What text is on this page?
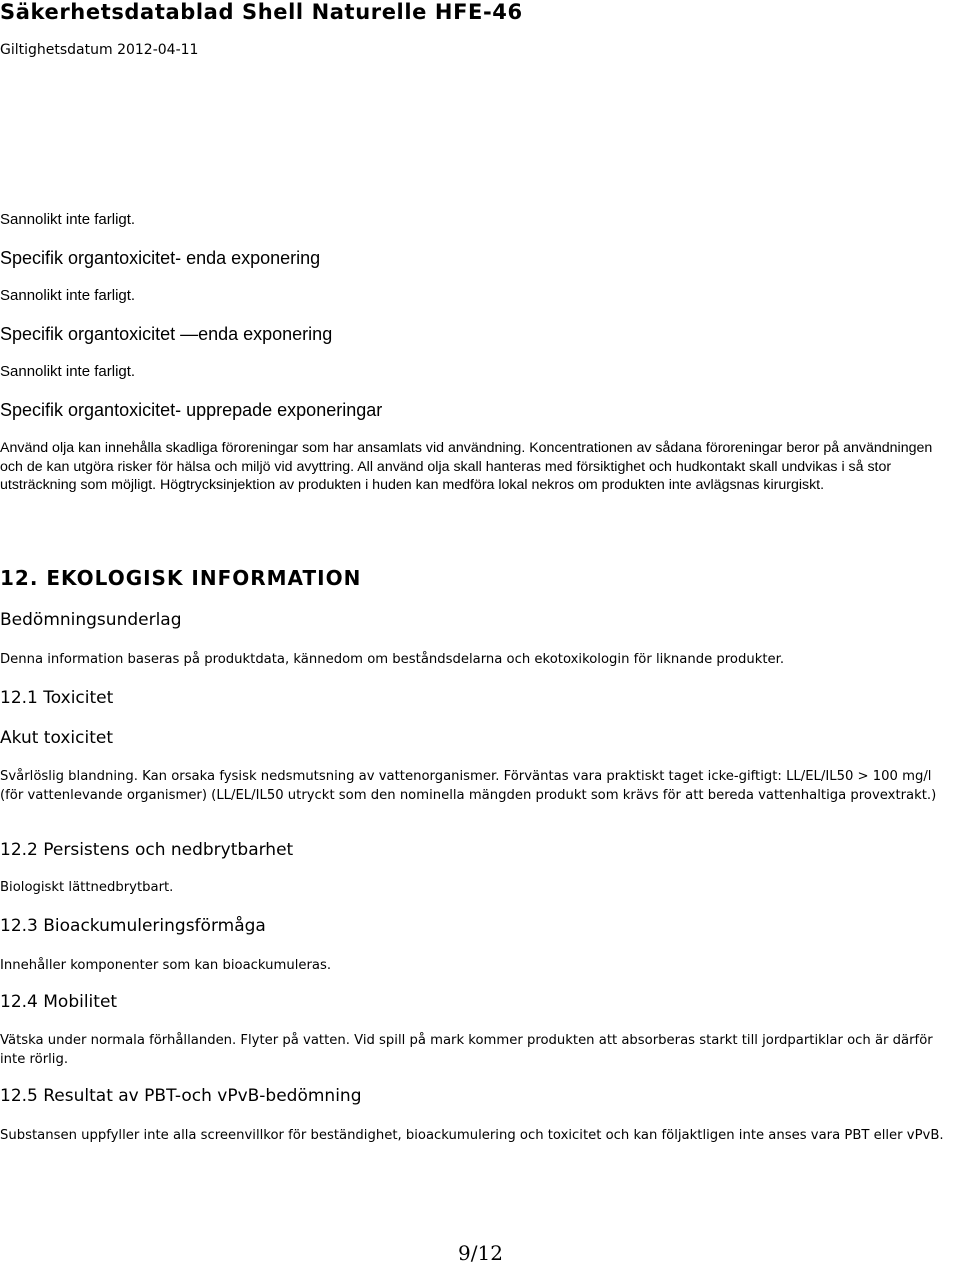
Säkerhetsdatablad Shell Naturelle HFE-46
Giltighetsdatum 2012-04-11
Sannolikt inte farligt.
Specifik organtoxicitet- enda exponering
Sannolikt inte farligt.
Specifik organtoxicitet —enda exponering
Sannolikt inte farligt.
Specifik organtoxicitet- upprepade exponeringar
Använd olja kan innehålla skadliga föroreningar som har ansamlats vid användning. Koncentrationen av sådana föroreningar beror på användningen och de kan utgöra risker för hälsa och miljö vid avyttring. All använd olja skall hanteras med försiktighet och hudkontakt skall undvikas i så stor utsträckning som möjligt. Högtrycksinjektion av produkten i huden kan medföra lokal nekros om produkten inte avlägsnas kirurgiskt.
12. EKOLOGISK INFORMATION
Bedömningsunderlag
Denna information baseras på produktdata, kännedom om beståndsdelarna och ekotoxikologin för liknande produkter.
12.1 Toxicitet
Akut toxicitet
Svårlöslig blandning. Kan orsaka fysisk nedsmutsning av vattenorganismer. Förväntas vara praktiskt taget icke-giftigt: LL/EL/IL50 > 100 mg/l (för vattenlevande organismer) (LL/EL/IL50 utryckt som den nominella mängden produkt som krävs för att bereda vattenhaltiga provextrakt.)
12.2 Persistens och nedbrytbarhet
Biologiskt lättnedbrytbart.
12.3 Bioackumuleringsförmåga
Innehåller komponenter som kan bioackumuleras.
12.4 Mobilitet
Vätska under normala förhållanden. Flyter på vatten. Vid spill på mark kommer produkten att absorberas starkt till jordpartiklar och är därför inte rörlig.
12.5 Resultat av PBT-och vPvB-bedömning
Substansen uppfyller inte alla screenvillkor för beständighet, bioackumulering och toxicitet och kan följaktligen inte anses vara PBT eller vPvB.
9/12
